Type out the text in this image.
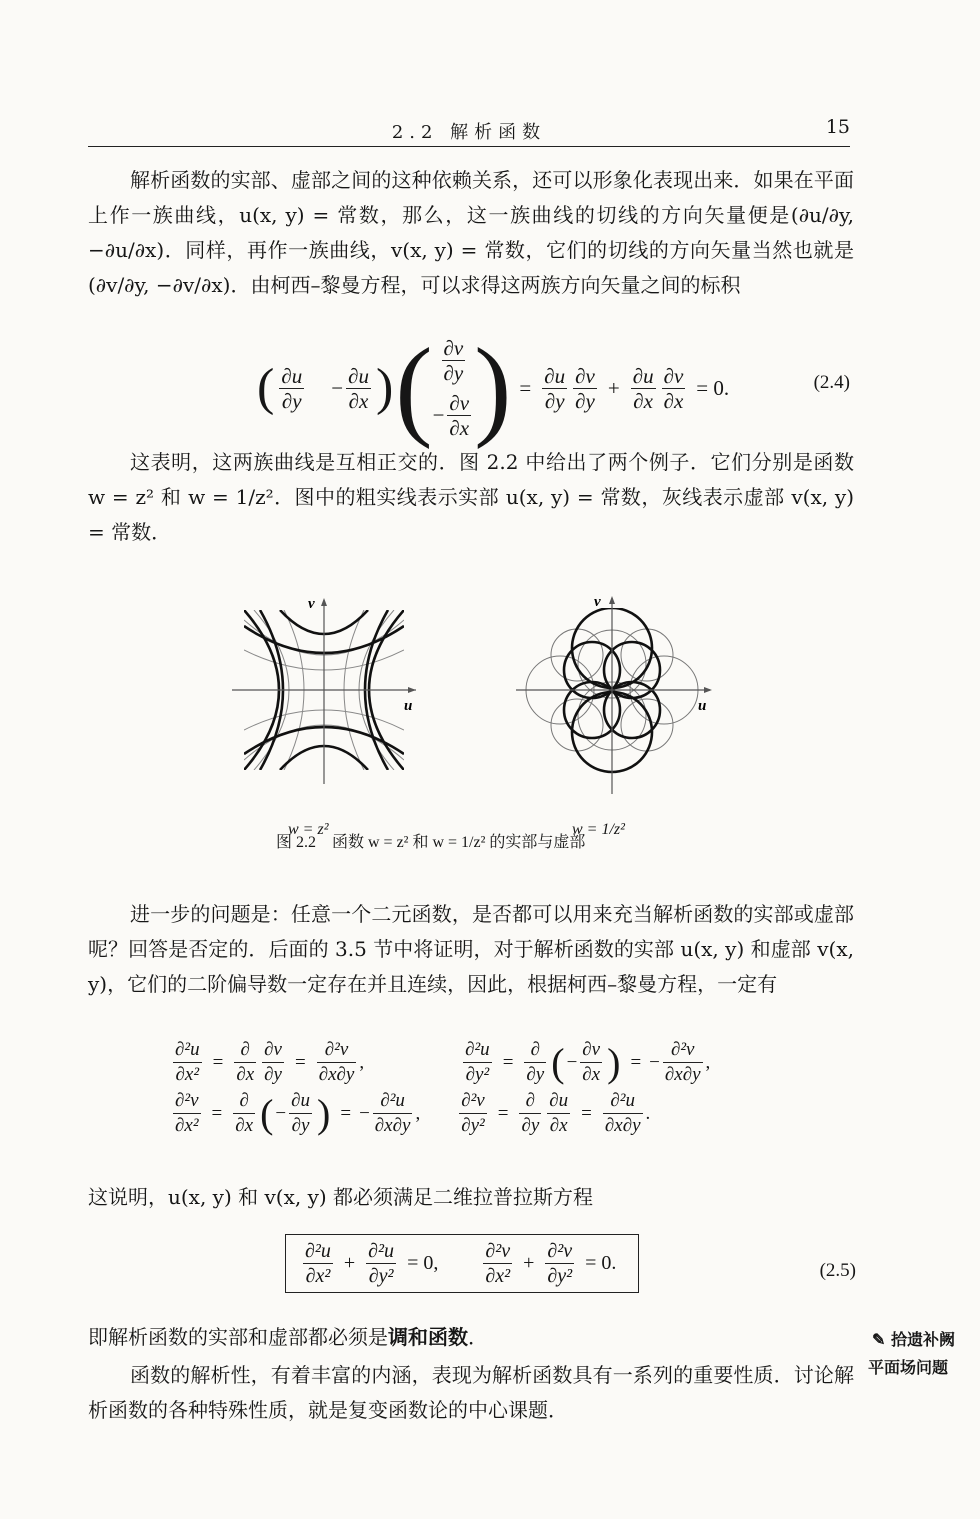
2.2 解析函数	15

解析函数的实部、虚部之间的这种依赖关系，还可以形象化表现出来．如果在平面上作一族曲线，u(x, y) = 常数，那么，这一族曲线的切线的方向矢量便是(∂u/∂y, −∂u/∂x)．同样，再作一族曲线，v(x, y) = 常数，它们的切线的方向矢量当然也就是 (∂v/∂y, −∂v/∂x)．由柯西–黎曼方程，可以求得这两族方向矢量之间的标积

( $\frac{\partial u}{\partial y} - \frac{\partial u}{\partial x}$ ) ( $\frac{\partial v}{\partial y}$
− $\frac{\partial v}{\partial x}$ ) = $\frac{\partial u}{\partial y} \frac{\partial v}{\partial y} + \frac{\partial u}{\partial x} \frac{\partial v}{\partial x} = 0$.	(2.4)

这表明，这两族曲线是互相正交的．图 2.2 中给出了两个例子．它们分别是函数 w = z² 和 w = 1/z²．图中的粗实线表示实部 u(x, y) = 常数，灰线表示虚部 v(x, y) = 常数．

u
v
u
v
w = z²	w = 1/z²
图 2.2　函数 w = z² 和 w = 1/z² 的实部与虚部

进一步的问题是：任意一个二元函数，是否都可以用来充当解析函数的实部或虚部呢？回答是否定的．后面的 3.5 节中将证明，对于解析函数的实部 u(x, y) 和虚部 v(x, y)，它们的二阶偏导数一定存在并且连续，因此，根据柯西–黎曼方程，一定有

$\frac{\text{∂²u}}{\text{∂x²}} = \frac{\partial}{\partial x} \frac{\partial v}{\partial y} = \frac{\text{∂²v}}{\partial x\partial y}$ ,	$\frac{\text{∂²u}}{\text{∂y²}} = \frac{\partial}{\partial y}$ ( − $\frac{\partial v}{\partial x}$ ) = − $\frac{\text{∂²v}}{\partial x\partial y}$ ,
$\frac{\text{∂²v}}{\text{∂x²}} = \frac{\partial}{\partial x}$ ( − $\frac{\partial u}{\partial y}$ ) = − $\frac{\text{∂²u}}{\partial x\partial y}$ , $\frac{\text{∂²v}}{\text{∂y²}} = \frac{\partial}{\partial y} \frac{\partial u}{\partial x} = \frac{\text{∂²u}}{\partial x\partial y}$ .

这说明，u(x, y) 和 v(x, y) 都必须满足二维拉普拉斯方程

$\frac{\text{∂²u}}{\text{∂x²}} + \frac{\text{∂²u}}{\text{∂y²}} = 0$, $\frac{\text{∂²v}}{\text{∂x²}} + \frac{\text{∂²v}}{\text{∂y²}} = 0$.	(2.5)

即解析函数的实部和虚部都必须是调和函数．

函数的解析性，有着丰富的内涵，表现为解析函数具有一系列的重要性质．讨论解析函数的各种特殊性质，就是复变函数论的中心课题．

✎ 拾遗补阙
平面场问题
